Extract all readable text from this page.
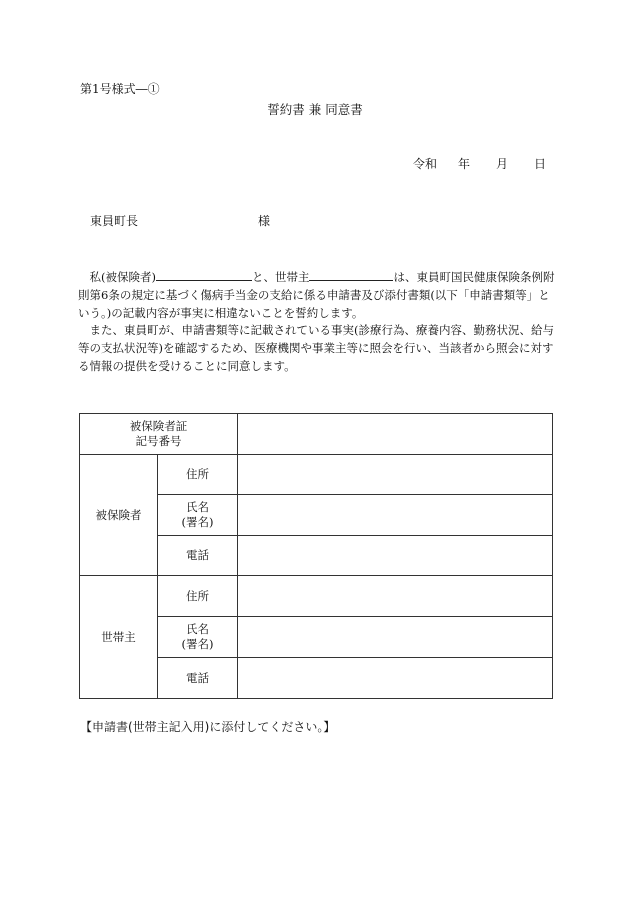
第1号様式―①
誓約書 兼 同意書
令和 年 月 日
東員町長	様

　私(被保険者)	と、世帯主	は、東員町国民健康保険条例附則第6条の規定に基づく傷病手当金の支給に係る申請書及び添付書類(以下「申請書類等」という。)の記載内容が事実に相違ないことを誓約します。

　また、東員町が、申請書類等に記載されている事実(診療行為、療養内容、勤務状況、給与等の支払状況等)を確認するため、医療機関や事業主等に照会を行い、当該者から照会に対する情報の提供を受けることに同意します。

被保険者証
記号番号		

被保険者	住所	

	氏名
(署名)	

	電話	
世帯主	住所	

	氏名
(署名)	

	電話	
【申請書(世帯主記入用)に添付してください。】
